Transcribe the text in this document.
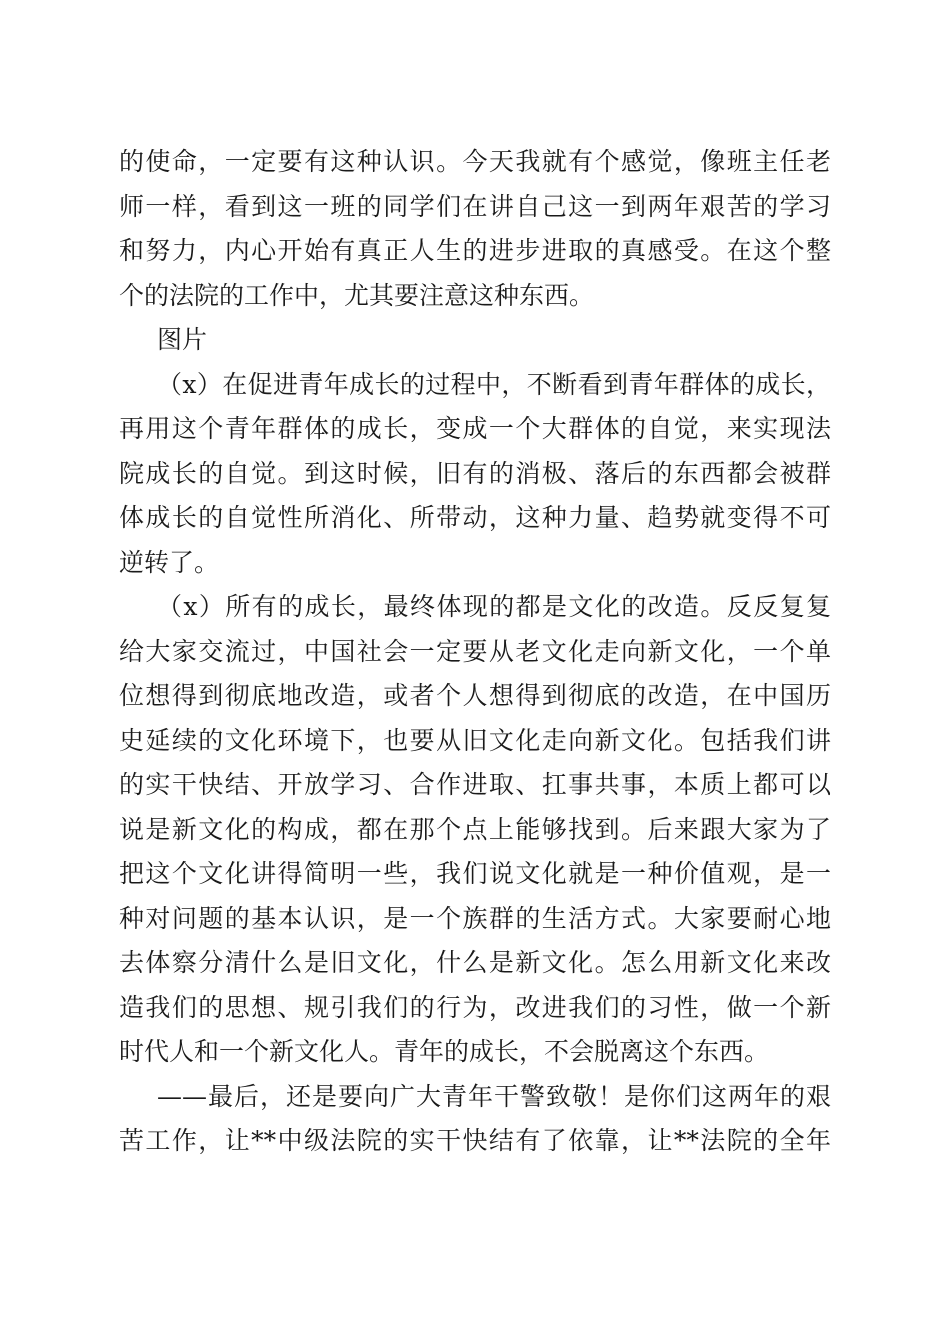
的使命，一定要有这种认识。今天我就有个感觉，像班主任老
师一样，看到这一班的同学们在讲自己这一到两年艰苦的学习
和努力，内心开始有真正人生的进步进取的真感受。在这个整
个的法院的工作中，尤其要注意这种东西。
图片
（x）在促进青年成长的过程中，不断看到青年群体的成长，
再用这个青年群体的成长，变成一个大群体的自觉，来实现法
院成长的自觉。到这时候，旧有的消极、落后的东西都会被群
体成长的自觉性所消化、所带动，这种力量、趋势就变得不可
逆转了。
（x）所有的成长，最终体现的都是文化的改造。反反复复
给大家交流过，中国社会一定要从老文化走向新文化，一个单
位想得到彻底地改造，或者个人想得到彻底的改造，在中国历
史延续的文化环境下，也要从旧文化走向新文化。包括我们讲
的实干快结、开放学习、合作进取、扛事共事，本质上都可以
说是新文化的构成，都在那个点上能够找到。后来跟大家为了
把这个文化讲得简明一些，我们说文化就是一种价值观，是一
种对问题的基本认识，是一个族群的生活方式。大家要耐心地
去体察分清什么是旧文化，什么是新文化。怎么用新文化来改
造我们的思想、规引我们的行为，改进我们的习性，做一个新
时代人和一个新文化人。青年的成长，不会脱离这个东西。
——最后，还是要向广大青年干警致敬！是你们这两年的艰
苦工作，让**中级法院的实干快结有了依靠，让**法院的全年
